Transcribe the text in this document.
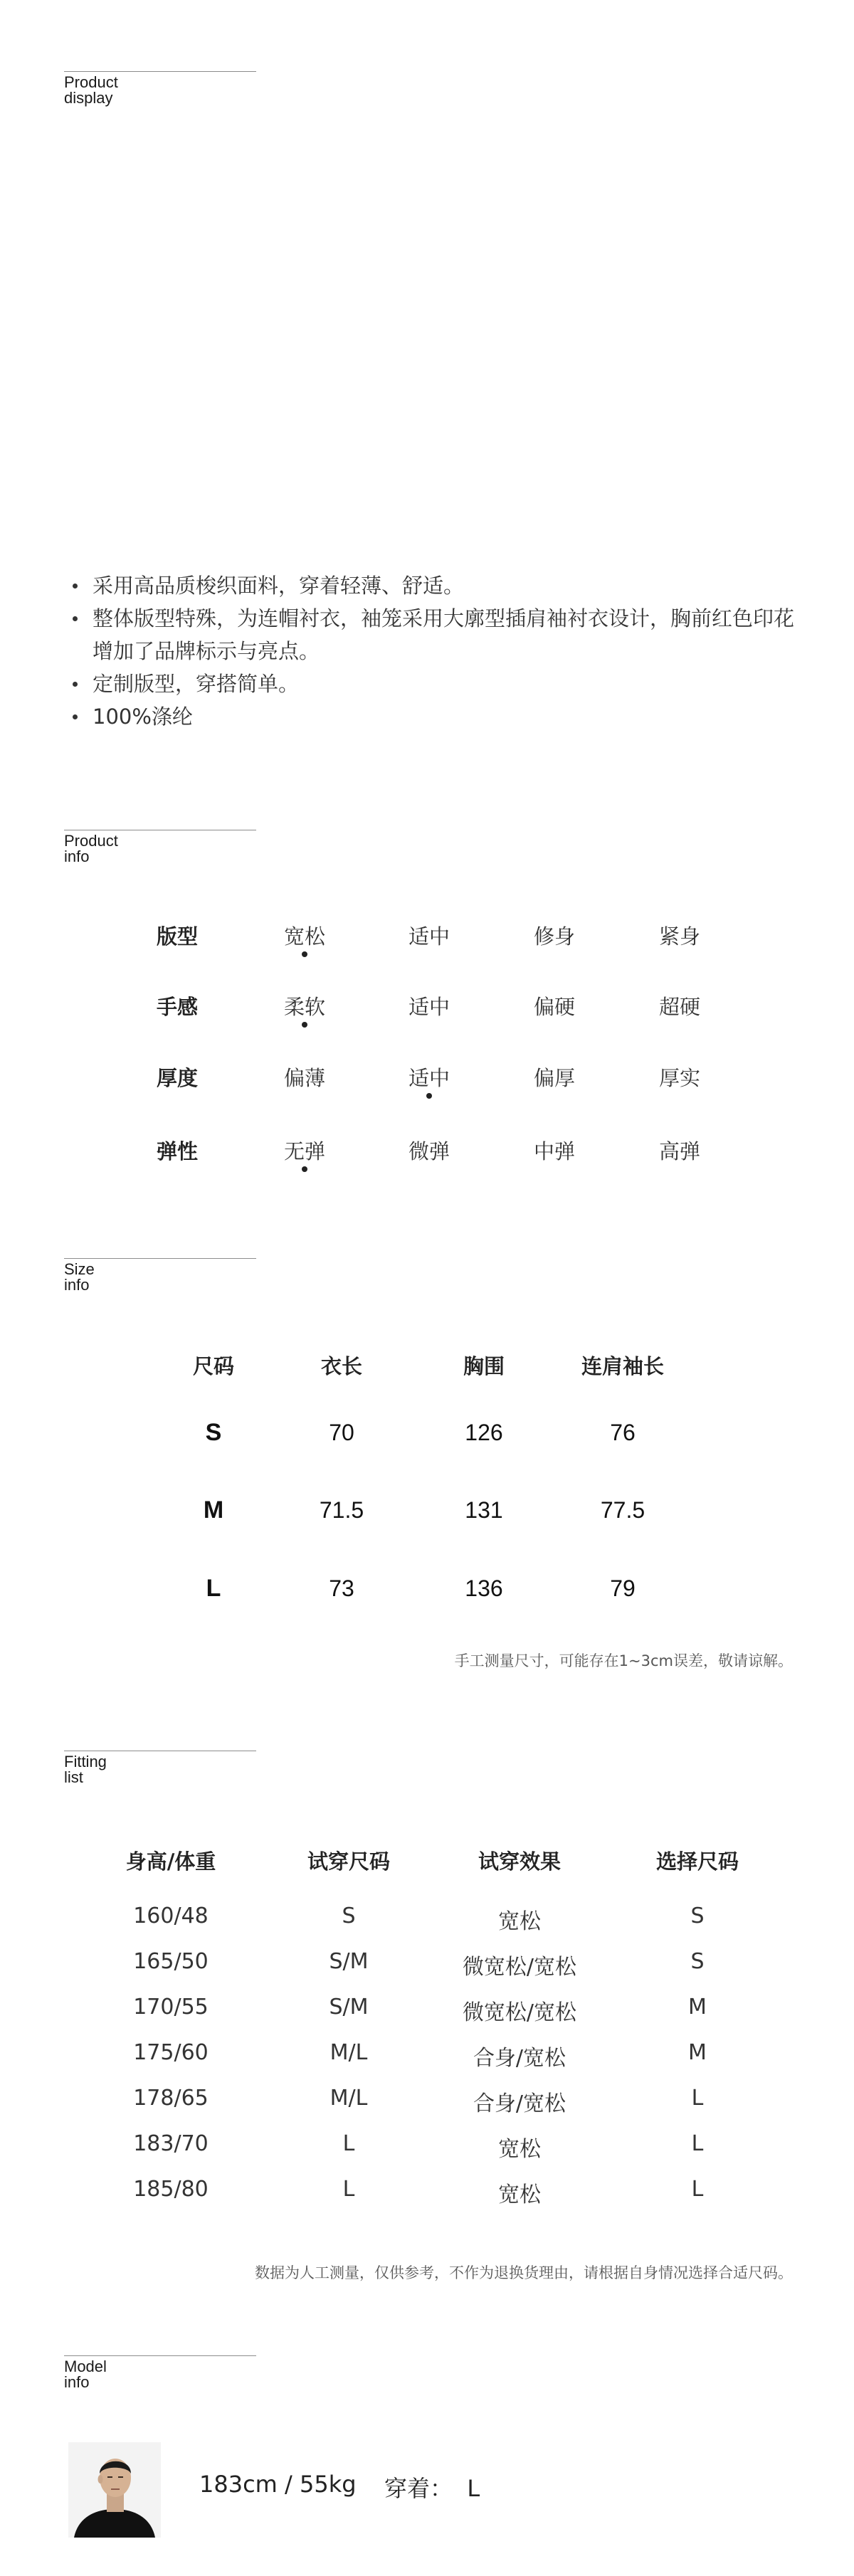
Product
display
采用高品质梭织面料，穿着轻薄、舒适。
整体版型特殊，为连帽衬衣，袖笼采用大廓型插肩袖衬衣设计，胸前红色印花增加了品牌标示与亮点。
定制版型，穿搭简单。
100%涤纶
Product
info
版型	宽松	适中	修身	紧身
手感	柔软	适中	偏硬	超硬
厚度	偏薄	适中	偏厚	厚实
弹性	无弹	微弹	中弹	高弹
Size
info
尺码	衣长	胸围	连肩袖长
S	70	126	76
M	71.5	131	77.5
L	73	136	79
手工测量尺寸，可能存在1~3cm误差，敬请谅解。
Fitting
list
身高/体重	试穿尺码	试穿效果	选择尺码
160/48	S	宽松	S
165/50	S/M	微宽松/宽松	S
170/55	S/M	微宽松/宽松	M
175/60	M/L	合身/宽松	M
178/65	M/L	合身/宽松	L
183/70	L	宽松	L
185/80	L	宽松	L
数据为人工测量，仅供参考，不作为退换货理由，请根据自身情况选择合适尺码。
Model
info
183cm / 55kg 穿着：  L
